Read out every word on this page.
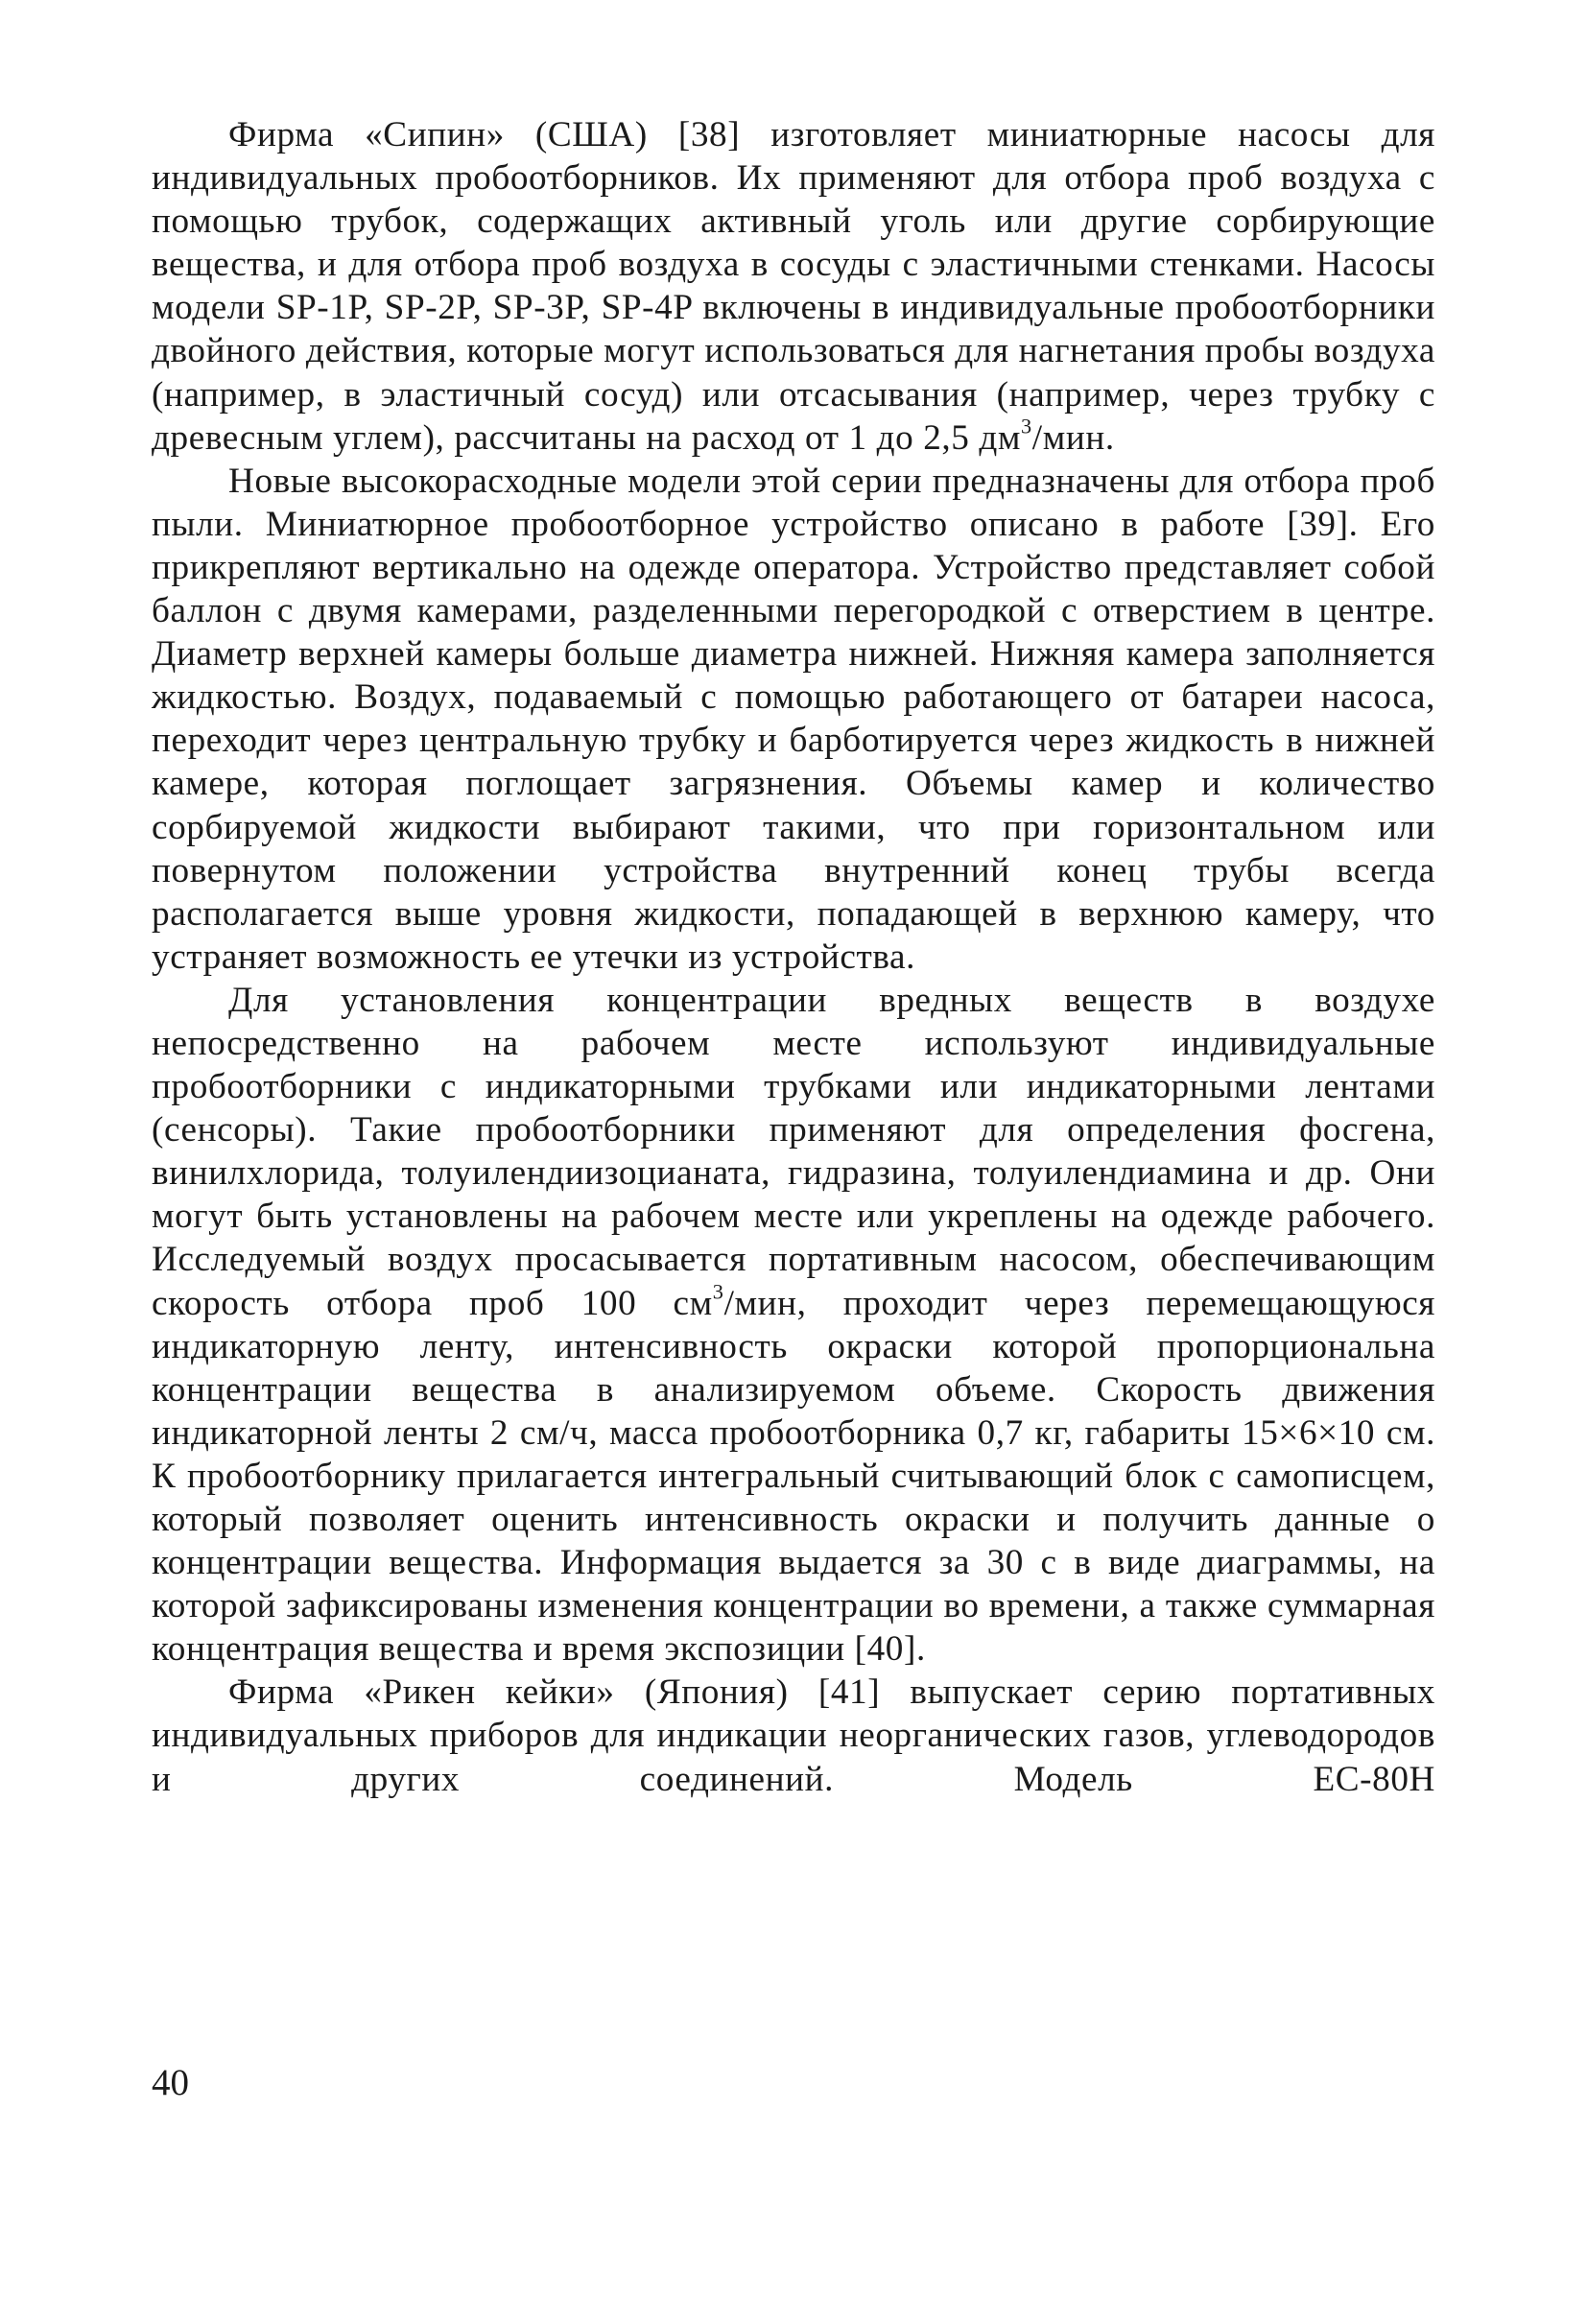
Фирма «Сипин» (США) [38] изготовляет миниатюрные насосы для индивидуальных пробоотборников. Их применяют для отбора проб воздуха с помощью трубок, содержащих активный уголь или другие сорбирующие вещества, и для отбора проб воздуха в сосуды с эластичными стенками. Насосы модели SP-1P, SP-2P, SP-3P, SP-4P включены в индивидуальные пробоотборники двойного действия, которые могут использоваться для нагнетания пробы воздуха (например, в эластичный сосуд) или отсасывания (например, через трубку с древесным углем), рассчитаны на расход от 1 до 2,5 $дм^3$/мин.

Новые высокорасходные модели этой серии предназначены для отбора проб пыли. Миниатюрное пробоотборное устройство описано в работе [39]. Его прикрепляют вертикально на одежде оператора. Устройство представляет собой баллон с двумя камерами, разделенными перегородкой с отверстием в центре. Диаметр верхней камеры больше диаметра нижней. Нижняя камера заполняется жидкостью. Воздух, подаваемый с помощью работающего от батареи насоса, переходит через центральную трубку и барботируется через жидкость в нижней камере, которая поглощает загрязнения. Объемы камер и количество сорбируемой жидкости выбирают такими, что при горизонтальном или повернутом положении устройства внутренний конец трубы всегда располагается выше уровня жидкости, попадающей в верхнюю камеру, что устраняет возможность ее утечки из устройства.

Для установления концентрации вредных веществ в воздухе непосредственно на рабочем месте используют индивидуальные пробоотборники с индикаторными трубками или индикаторными лентами (сенсоры). Такие пробоотборники применяют для определения фосгена, винилхлорида, толуилендиизоцианата, гидразина, толуилендиамина и др. Они могут быть установлены на рабочем месте или укреплены на одежде рабочего. Исследуемый воздух просасывается портативным насосом, обеспечивающим скорость отбора проб 100 $см^3$/мин, проходит через перемещающуюся индикаторную ленту, интенсивность окраски которой пропорциональна концентрации вещества в анализируемом объеме. Скорость движения индикаторной ленты 2 см/ч, масса пробоотборника 0,7 кг, габариты 15×6×10 см. К пробоотборнику прилагается интегральный считывающий блок с самописцем, который позволяет оценить интенсивность окраски и получить данные о концентрации вещества. Информация выдается за 30 с в виде диаграммы, на которой зафиксированы изменения концентрации во времени, а также суммарная концентрация вещества и время экспозиции [40].

Фирма «Рикен кейки» (Япония) [41] выпускает серию портативных индивидуальных приборов для индикации неорганических газов, углеводородов и других соединений. Модель ЕС-80Н

40
